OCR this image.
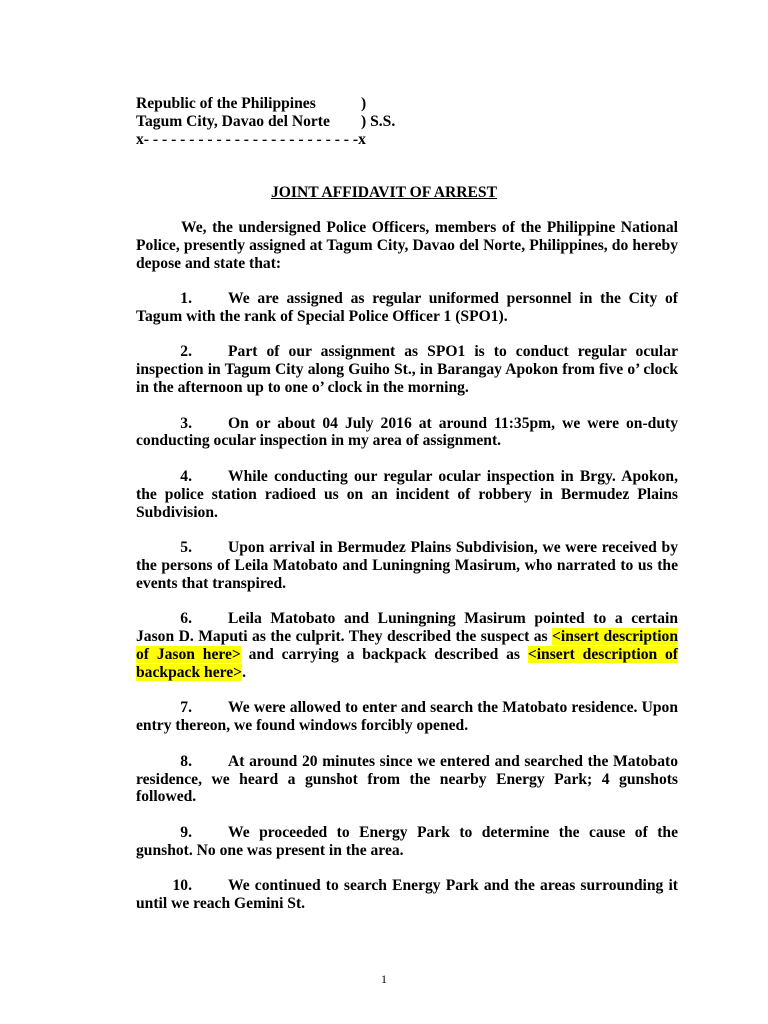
Republic of the Philippines	)
Tagum City, Davao del Norte ) S.S.
x- - - - - - - - - - - - - - - - - - - - - - - -x
JOINT AFFIDAVIT OF ARREST

We, the undersigned Police Officers, members of the Philippine National Police, presently assigned at Tagum City, Davao del Norte, Philippines, do hereby depose and state that:

1. We are assigned as regular uniformed personnel in the City of Tagum with the rank of Special Police Officer 1 (SPO1).

2. Part of our assignment as SPO1 is to conduct regular ocular inspection in Tagum City along Guiho St., in Barangay Apokon from five o’ clock in the afternoon up to one o’ clock in the morning.

3. On or about 04 July 2016 at around 11:35pm, we were on-duty conducting ocular inspection in my area of assignment.

4. While conducting our regular ocular inspection in Brgy. Apokon, the police station radioed us on an incident of robbery in Bermudez Plains Subdivision.

5. Upon arrival in Bermudez Plains Subdivision, we were received by the persons of Leila Matobato and Luningning Masirum, who narrated to us the events that transpired.

6. Leila Matobato and Luningning Masirum pointed to a certain Jason D. Maputi as the culprit. They described the suspect as <insert description of Jason here> and carrying a backpack described as <insert description of backpack here>.

7. We were allowed to enter and search the Matobato residence. Upon entry thereon, we found windows forcibly opened.

8. At around 20 minutes since we entered and searched the Matobato residence, we heard a gunshot from the nearby Energy Park; 4 gunshots followed.

9. We proceeded to Energy Park to determine the cause of the gunshot. No one was present in the area.

10. We continued to search Energy Park and the areas surrounding it until we reach Gemini St.

1
